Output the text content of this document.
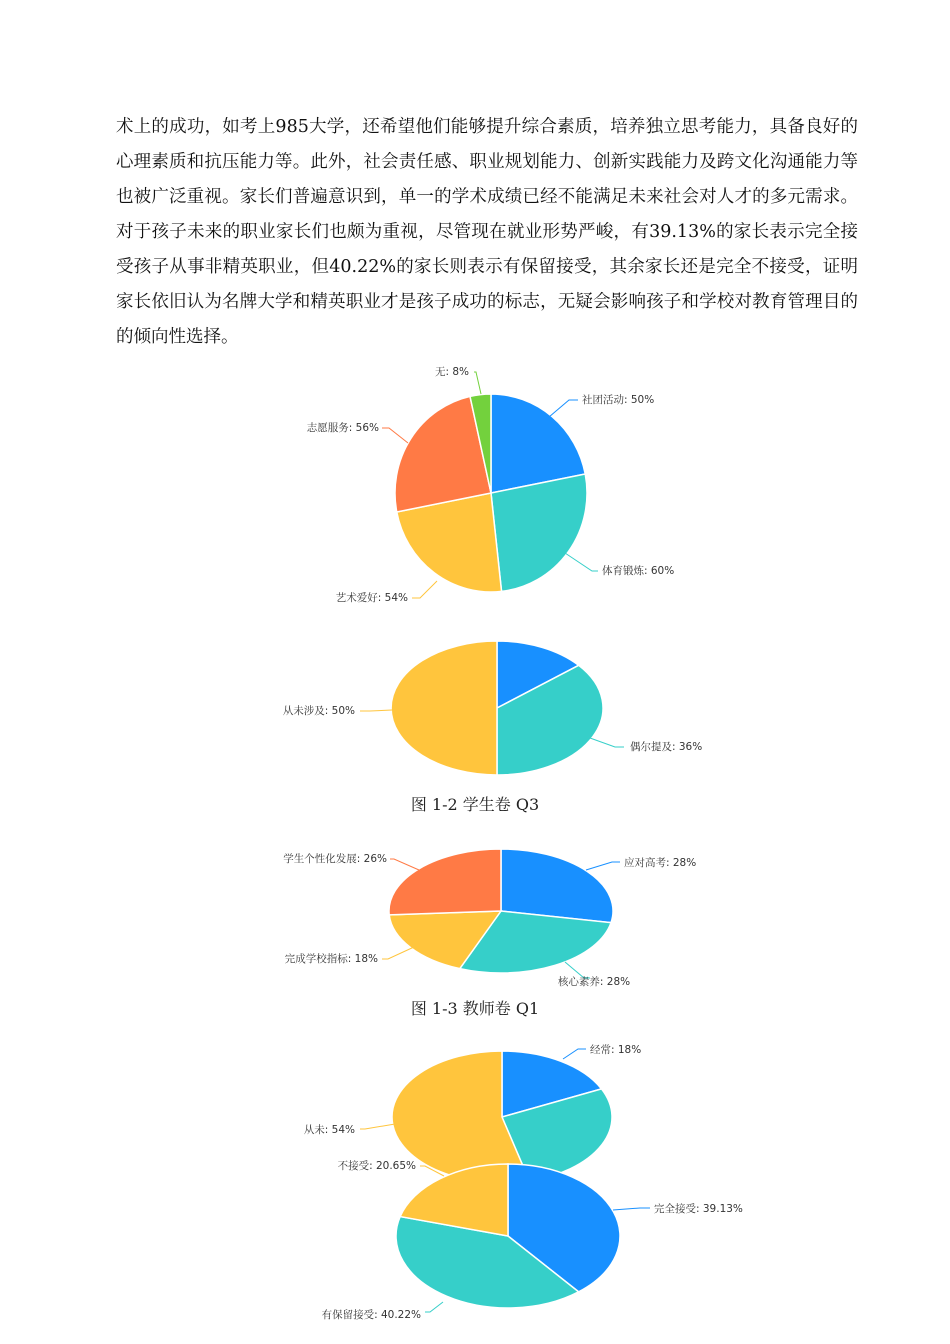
术上的成功，如考上985大学，还希望他们能够提升综合素质，培养独立思考能力，具备良好的心理素质和抗压能力等。此外，社会责任感、职业规划能力、创新实践能力及跨文化沟通能力等也被广泛重视。家长们普遍意识到，单一的学术成绩已经不能满足未来社会对人才的多元需求。对于孩子未来的职业家长们也颇为重视，尽管现在就业形势严峻，有39.13%的家长表示完全接受孩子从事非精英职业，但40.22%的家长则表示有保留接受，其余家长还是完全不接受，证明家长依旧认为名牌大学和精英职业才是孩子成功的标志，无疑会影响孩子和学校对教育管理目的的倾向性选择。

社团活动: 50%
体育锻炼: 60%
艺术爱好: 54%
志愿服务: 56%
无: 8%
偶尔提及: 36%
从未涉及: 50%
图 1-2 学生卷 Q3
应对高考: 28%
核心素养: 28%
完成学校指标: 18%
学生个性化发展: 26%
图 1-3 教师卷 Q1
经常: 18%
从未: 54%
完全接受: 39.13%
有保留接受: 40.22%
不接受: 20.65%
